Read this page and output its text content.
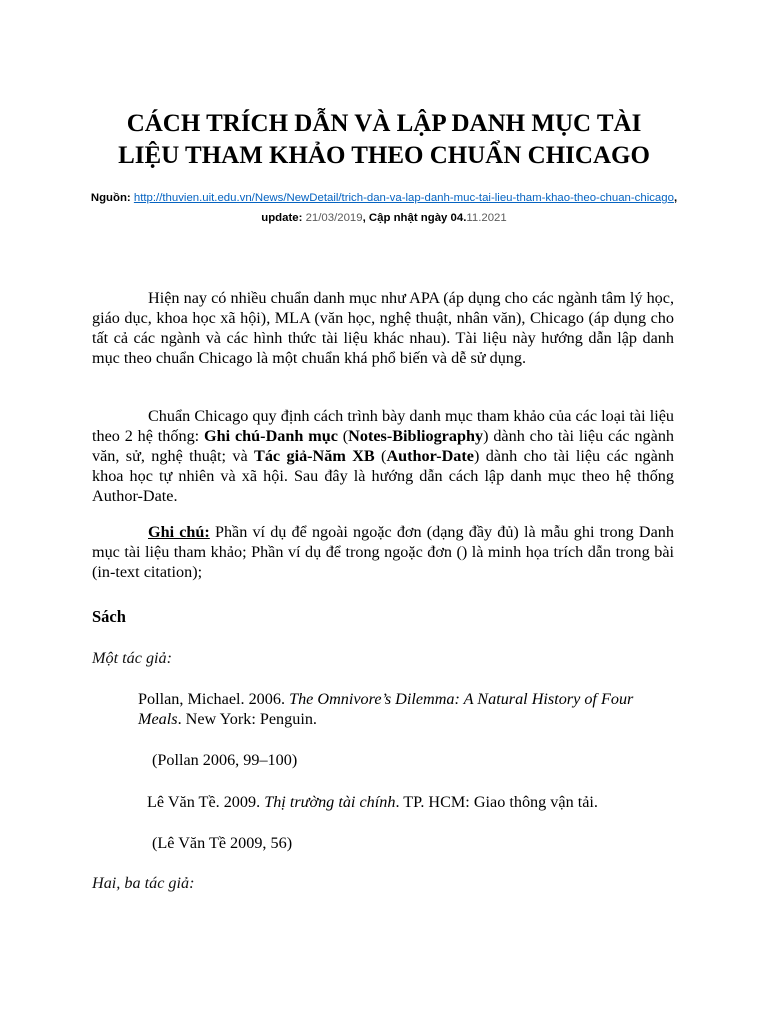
CÁCH TRÍCH DẪN VÀ LẬP DANH MỤC TÀI
LIỆU THAM KHẢO THEO CHUẨN CHICAGO

Nguồn: http://thuvien.uit.edu.vn/News/NewDetail/trich-dan-va-lap-danh-muc-tai-lieu-tham-khao-theo-chuan-chicago, update: 21/03/2019, Cập nhật ngày 04.11.2021

Hiện nay có nhiều chuẩn danh mục như APA (áp dụng cho các ngành tâm lý học, giáo dục, khoa học xã hội), MLA (văn học, nghệ thuật, nhân văn), Chicago (áp dụng cho tất cả các ngành và các hình thức tài liệu khác nhau). Tài liệu này hướng dẫn lập danh mục theo chuẩn Chicago là một chuẩn khá phổ biến và dễ sử dụng.

Chuẩn Chicago quy định cách trình bày danh mục tham khảo của các loại tài liệu theo 2 hệ thống: Ghi chú-Danh mục (Notes-Bibliography) dành cho tài liệu các ngành văn, sử, nghệ thuật; và Tác giả-Năm XB (Author-Date) dành cho tài liệu các ngành khoa học tự nhiên và xã hội. Sau đây là hướng dẫn cách lập danh mục theo hệ thống Author-Date.

Ghi chú: Phần ví dụ để ngoài ngoặc đơn (dạng đầy đủ) là mẫu ghi trong Danh mục tài liệu tham khảo; Phần ví dụ để trong ngoặc đơn () là minh họa trích dẫn trong bài (in-text citation);

Sách

Một tác giả:

Pollan, Michael. 2006. The Omnivore’s Dilemma: A Natural History of Four Meals. New York: Penguin.

(Pollan 2006, 99–100)

Lê Văn Tề. 2009. Thị trường tài chính. TP. HCM: Giao thông vận tải.

(Lê Văn Tề 2009, 56)

Hai, ba tác giả:
